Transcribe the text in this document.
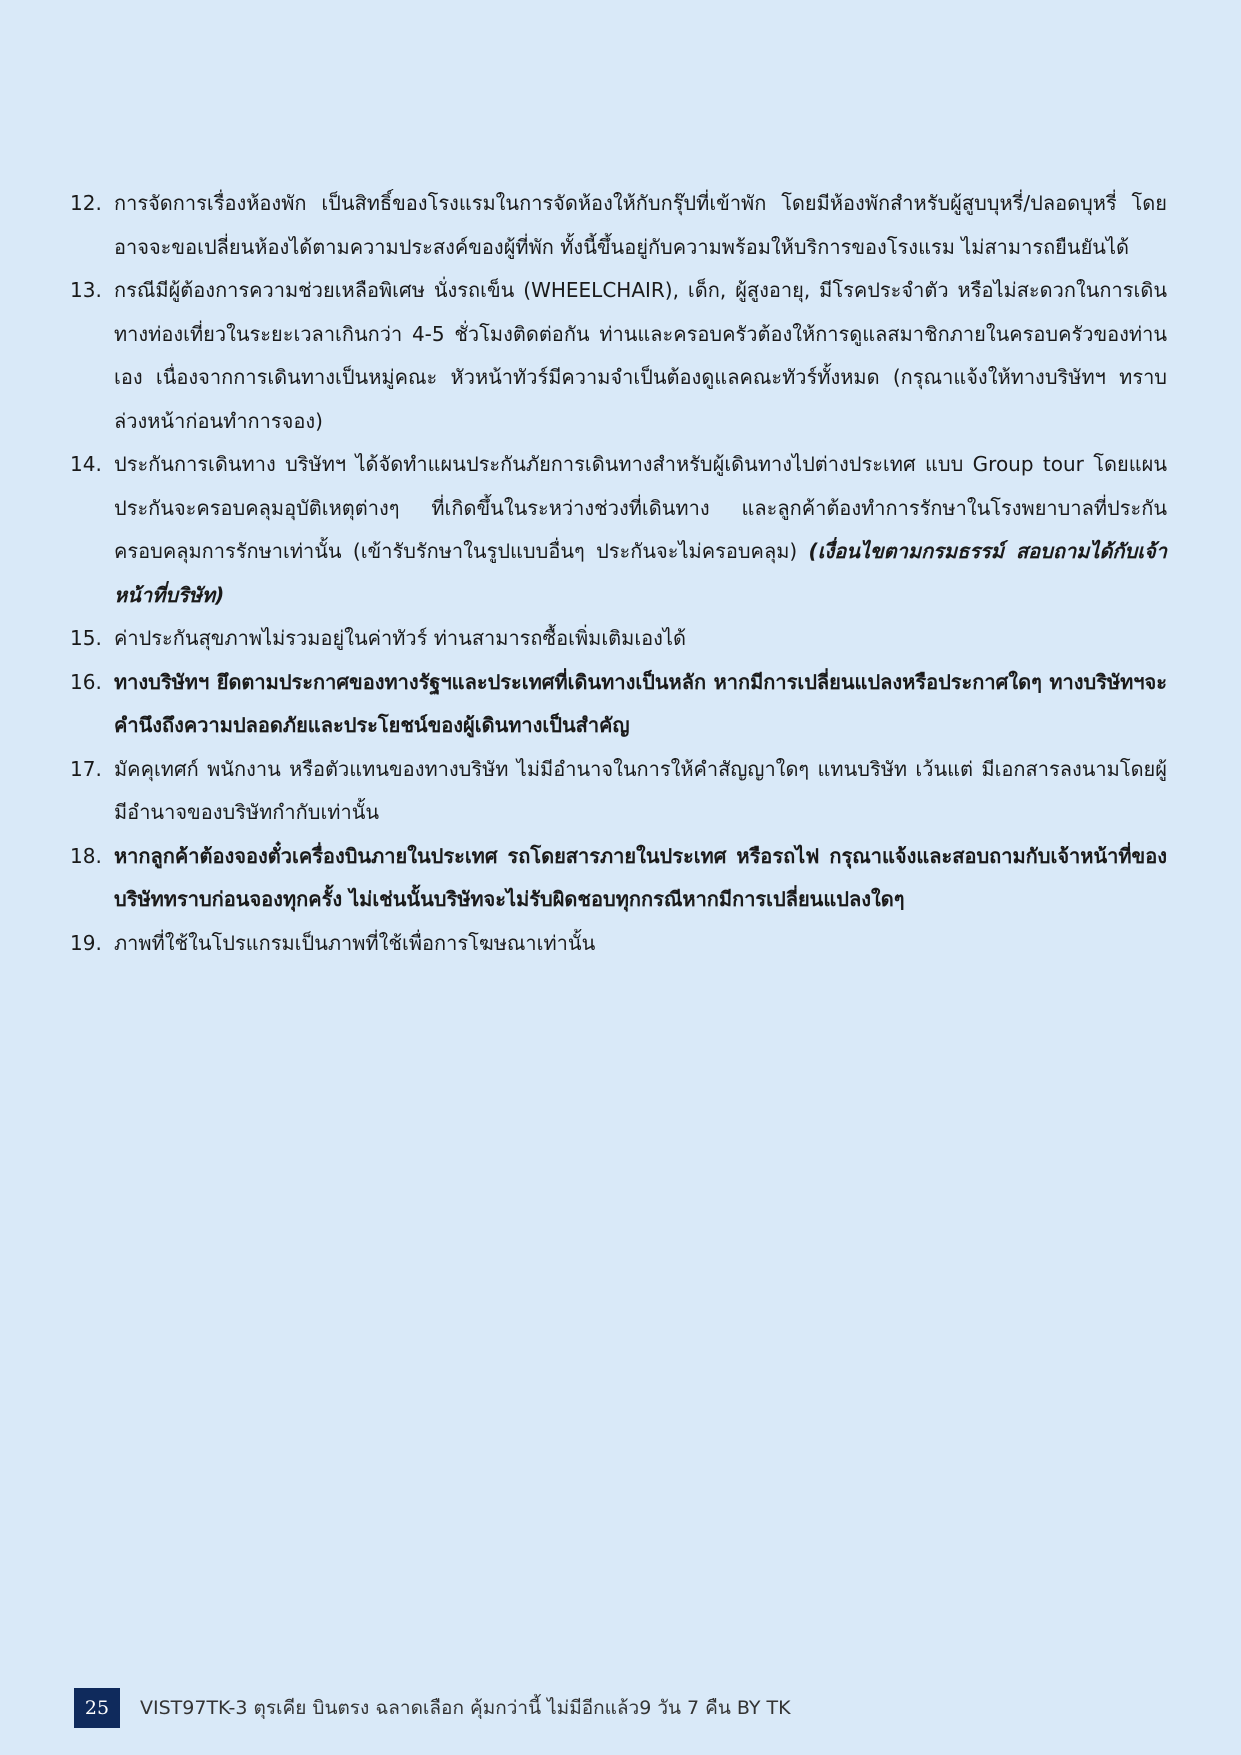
12. การจัดการเรื่องห้องพัก เป็นสิทธิ์ของโรงแรมในการจัดห้องให้กับกรุ๊ปที่เข้าพัก โดยมีห้องพักสำหรับผู้สูบบุหรี่/ปลอดบุหรี่ โดยอาจจะขอเปลี่ยนห้องได้ตามความประสงค์ของผู้ที่พัก ทั้งนี้ขึ้นอยู่กับความพร้อมให้บริการของโรงแรม ไม่สามารถยืนยันได้
13. กรณีมีผู้ต้องการความช่วยเหลือพิเศษ นั่งรถเข็น (WHEELCHAIR), เด็ก, ผู้สูงอายุ, มีโรคประจำตัว หรือไม่สะดวกในการเดินทางท่องเที่ยวในระยะเวลาเกินกว่า 4-5 ชั่วโมงติดต่อกัน ท่านและครอบครัวต้องให้การดูแลสมาชิกภายในครอบครัวของท่านเอง เนื่องจากการเดินทางเป็นหมู่คณะ หัวหน้าทัวร์มีความจำเป็นต้องดูแลคณะทัวร์ทั้งหมด (กรุณาแจ้งให้ทางบริษัทฯ ทราบล่วงหน้าก่อนทำการจอง)
14. ประกันการเดินทาง บริษัทฯ ได้จัดทำแผนประกันภัยการเดินทางสำหรับผู้เดินทางไปต่างประเทศ แบบ Group tour โดยแผนประกันจะครอบคลุมอุบัติเหตุต่างๆ ที่เกิดขึ้นในระหว่างช่วงที่เดินทาง และลูกค้าต้องทำการรักษาในโรงพยาบาลที่ประกันครอบคลุมการรักษาเท่านั้น (เข้ารับรักษาในรูปแบบอื่นๆ ประกันจะไม่ครอบคลุม) (เงื่อนไขตามกรมธรรม์ สอบถามได้กับเจ้าหน้าที่บริษัท)
15. ค่าประกันสุขภาพไม่รวมอยู่ในค่าทัวร์ ท่านสามารถซื้อเพิ่มเติมเองได้
16. ทางบริษัทฯ ยึดตามประกาศของทางรัฐฯและประเทศที่เดินทางเป็นหลัก หากมีการเปลี่ยนแปลงหรือประกาศใดๆ ทางบริษัทฯจะคำนึงถึงความปลอดภัยและประโยชน์ของผู้เดินทางเป็นสำคัญ
17. มัคคุเทศก์ พนักงาน หรือตัวแทนของทางบริษัท ไม่มีอำนาจในการให้คำสัญญาใดๆ แทนบริษัท เว้นแต่ มีเอกสารลงนามโดยผู้มีอำนาจของบริษัทกำกับเท่านั้น
18. หากลูกค้าต้องจองตั๋วเครื่องบินภายในประเทศ รถโดยสารภายในประเทศ หรือรถไฟ กรุณาแจ้งและสอบถามกับเจ้าหน้าที่ของบริษัททราบก่อนจองทุกครั้ง ไม่เช่นนั้นบริษัทจะไม่รับผิดชอบทุกกรณีหากมีการเปลี่ยนแปลงใดๆ
19. ภาพที่ใช้ในโปรแกรมเป็นภาพที่ใช้เพื่อการโฆษณาเท่านั้น
25	VIST97TK-3 ตุรเคีย บินตรง ฉลาดเลือก คุ้มกว่านี้ ไม่มีอีกแล้ว9 วัน 7 คืน BY TK
